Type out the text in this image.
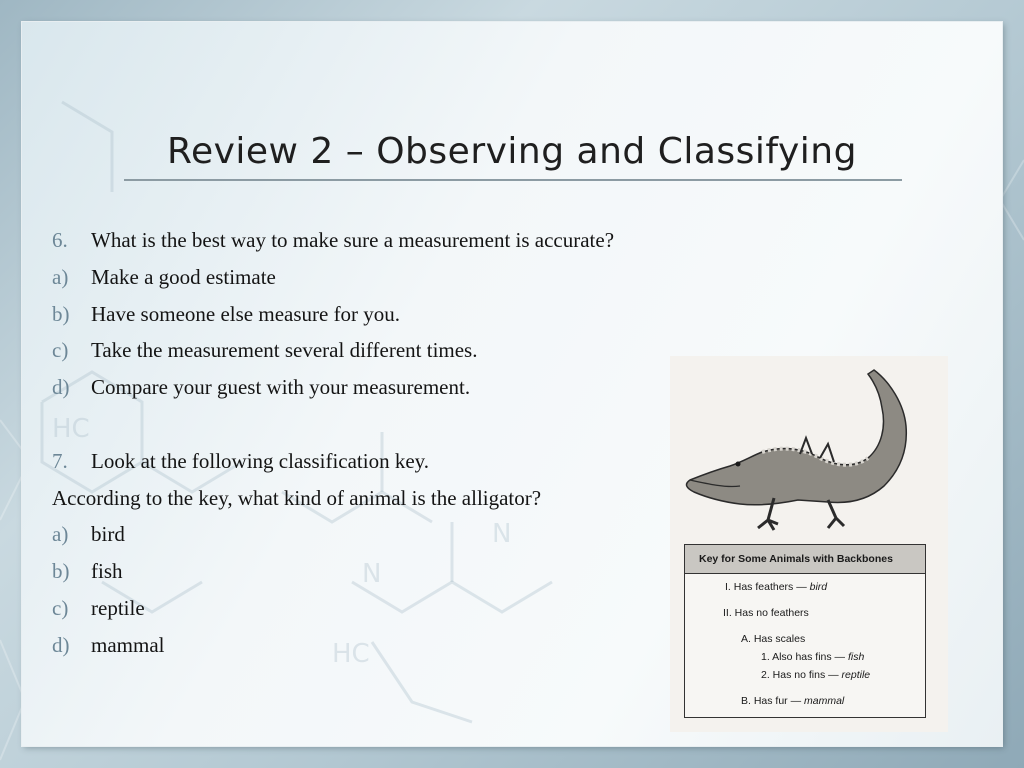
HC
N
HC
N
Review 2 – Observing and Classifying
6.	What is the best way to make sure a measurement is accurate?
a)	Make a good estimate
b)	Have someone else measure for you.
c)	Take the measurement several different times.
d)	Compare your guest with your measurement.
7.	Look at the following classification key.
According to the key, what kind of animal is the alligator?
a)	bird
b)	fish
c)	reptile
d)	mammal
Key for Some Animals with Backbones
I. Has feathers — bird
II. Has no feathers
A. Has scales
1. Also has fins — fish
2. Has no fins — reptile
B. Has fur — mammal
